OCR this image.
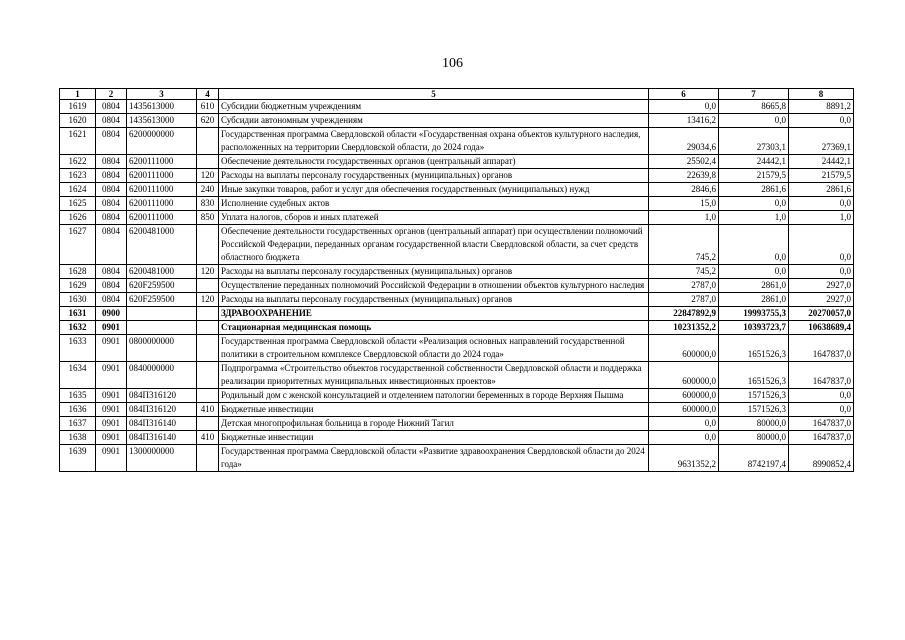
106
1	2	3	4	5	6	7	8
1619	0804	1435613000	610	Субсидии бюджетным учреждениям	0,0	8665,8	8891,2
1620	0804	1435613000	620	Субсидии автономным учреждениям	13416,2	0,0	0,0
1621	0804	6200000000		Государственная программа Свердловской области «Государственная охрана объектов культурного наследия, расположенных на территории Свердловской области, до 2024 года»	29034,6	27303,1	27369,1
1622	0804	6200111000		Обеспечение деятельности государственных органов (центральный аппарат)	25502,4	24442,1	24442,1
1623	0804	6200111000	120	Расходы на выплаты персоналу государственных (муниципальных) органов	22639,8	21579,5	21579,5
1624	0804	6200111000	240	Иные закупки товаров, работ и услуг для обеспечения государственных (муниципальных) нужд	2846,6	2861,6	2861,6
1625	0804	6200111000	830	Исполнение судебных актов	15,0	0,0	0,0
1626	0804	6200111000	850	Уплата налогов, сборов и иных платежей	1,0	1,0	1,0
1627	0804	6200481000		Обеспечение деятельности государственных органов (центральный аппарат) при осуществлении полномочий Российской Федерации, переданных органам государственной власти Свердловской области, за счет средств областного бюджета	745,2	0,0	0,0
1628	0804	6200481000	120	Расходы на выплаты персоналу государственных (муниципальных) органов	745,2	0,0	0,0
1629	0804	620F259500		Осуществление переданных полномочий Российской Федерации в отношении объектов культурного наследия	2787,0	2861,0	2927,0
1630	0804	620F259500	120	Расходы на выплаты персоналу государственных (муниципальных) органов	2787,0	2861,0	2927,0
1631	0900			ЗДРАВООХРАНЕНИЕ	22847892,9	19993755,3	20270057,0
1632	0901			Стационарная медицинская помощь	10231352,2	10393723,7	10638689,4
1633	0901	0800000000		Государственная программа Свердловской области «Реализация основных направлений государственной политики в строительном комплексе Свердловской области до 2024 года»	600000,0	1651526,3	1647837,0
1634	0901	0840000000		Подпрограмма «Строительство объектов государственной собственности Свердловской области и поддержка реализации приоритетных муниципальных инвестиционных проектов»	600000,0	1651526,3	1647837,0
1635	0901	084П316120		Родильный дом с женской консультацией и отделением патологии беременных в городе Верхняя Пышма	600000,0	1571526,3	0,0
1636	0901	084П316120	410	Бюджетные инвестиции	600000,0	1571526,3	0,0
1637	0901	084П316140		Детская многопрофильная больница в городе Нижний Тагил	0,0	80000,0	1647837,0
1638	0901	084П316140	410	Бюджетные инвестиции	0,0	80000,0	1647837,0
1639	0901	1300000000		Государственная программа Свердловской области «Развитие здравоохранения Свердловской области до 2024 года»	9631352,2	8742197,4	8990852,4
